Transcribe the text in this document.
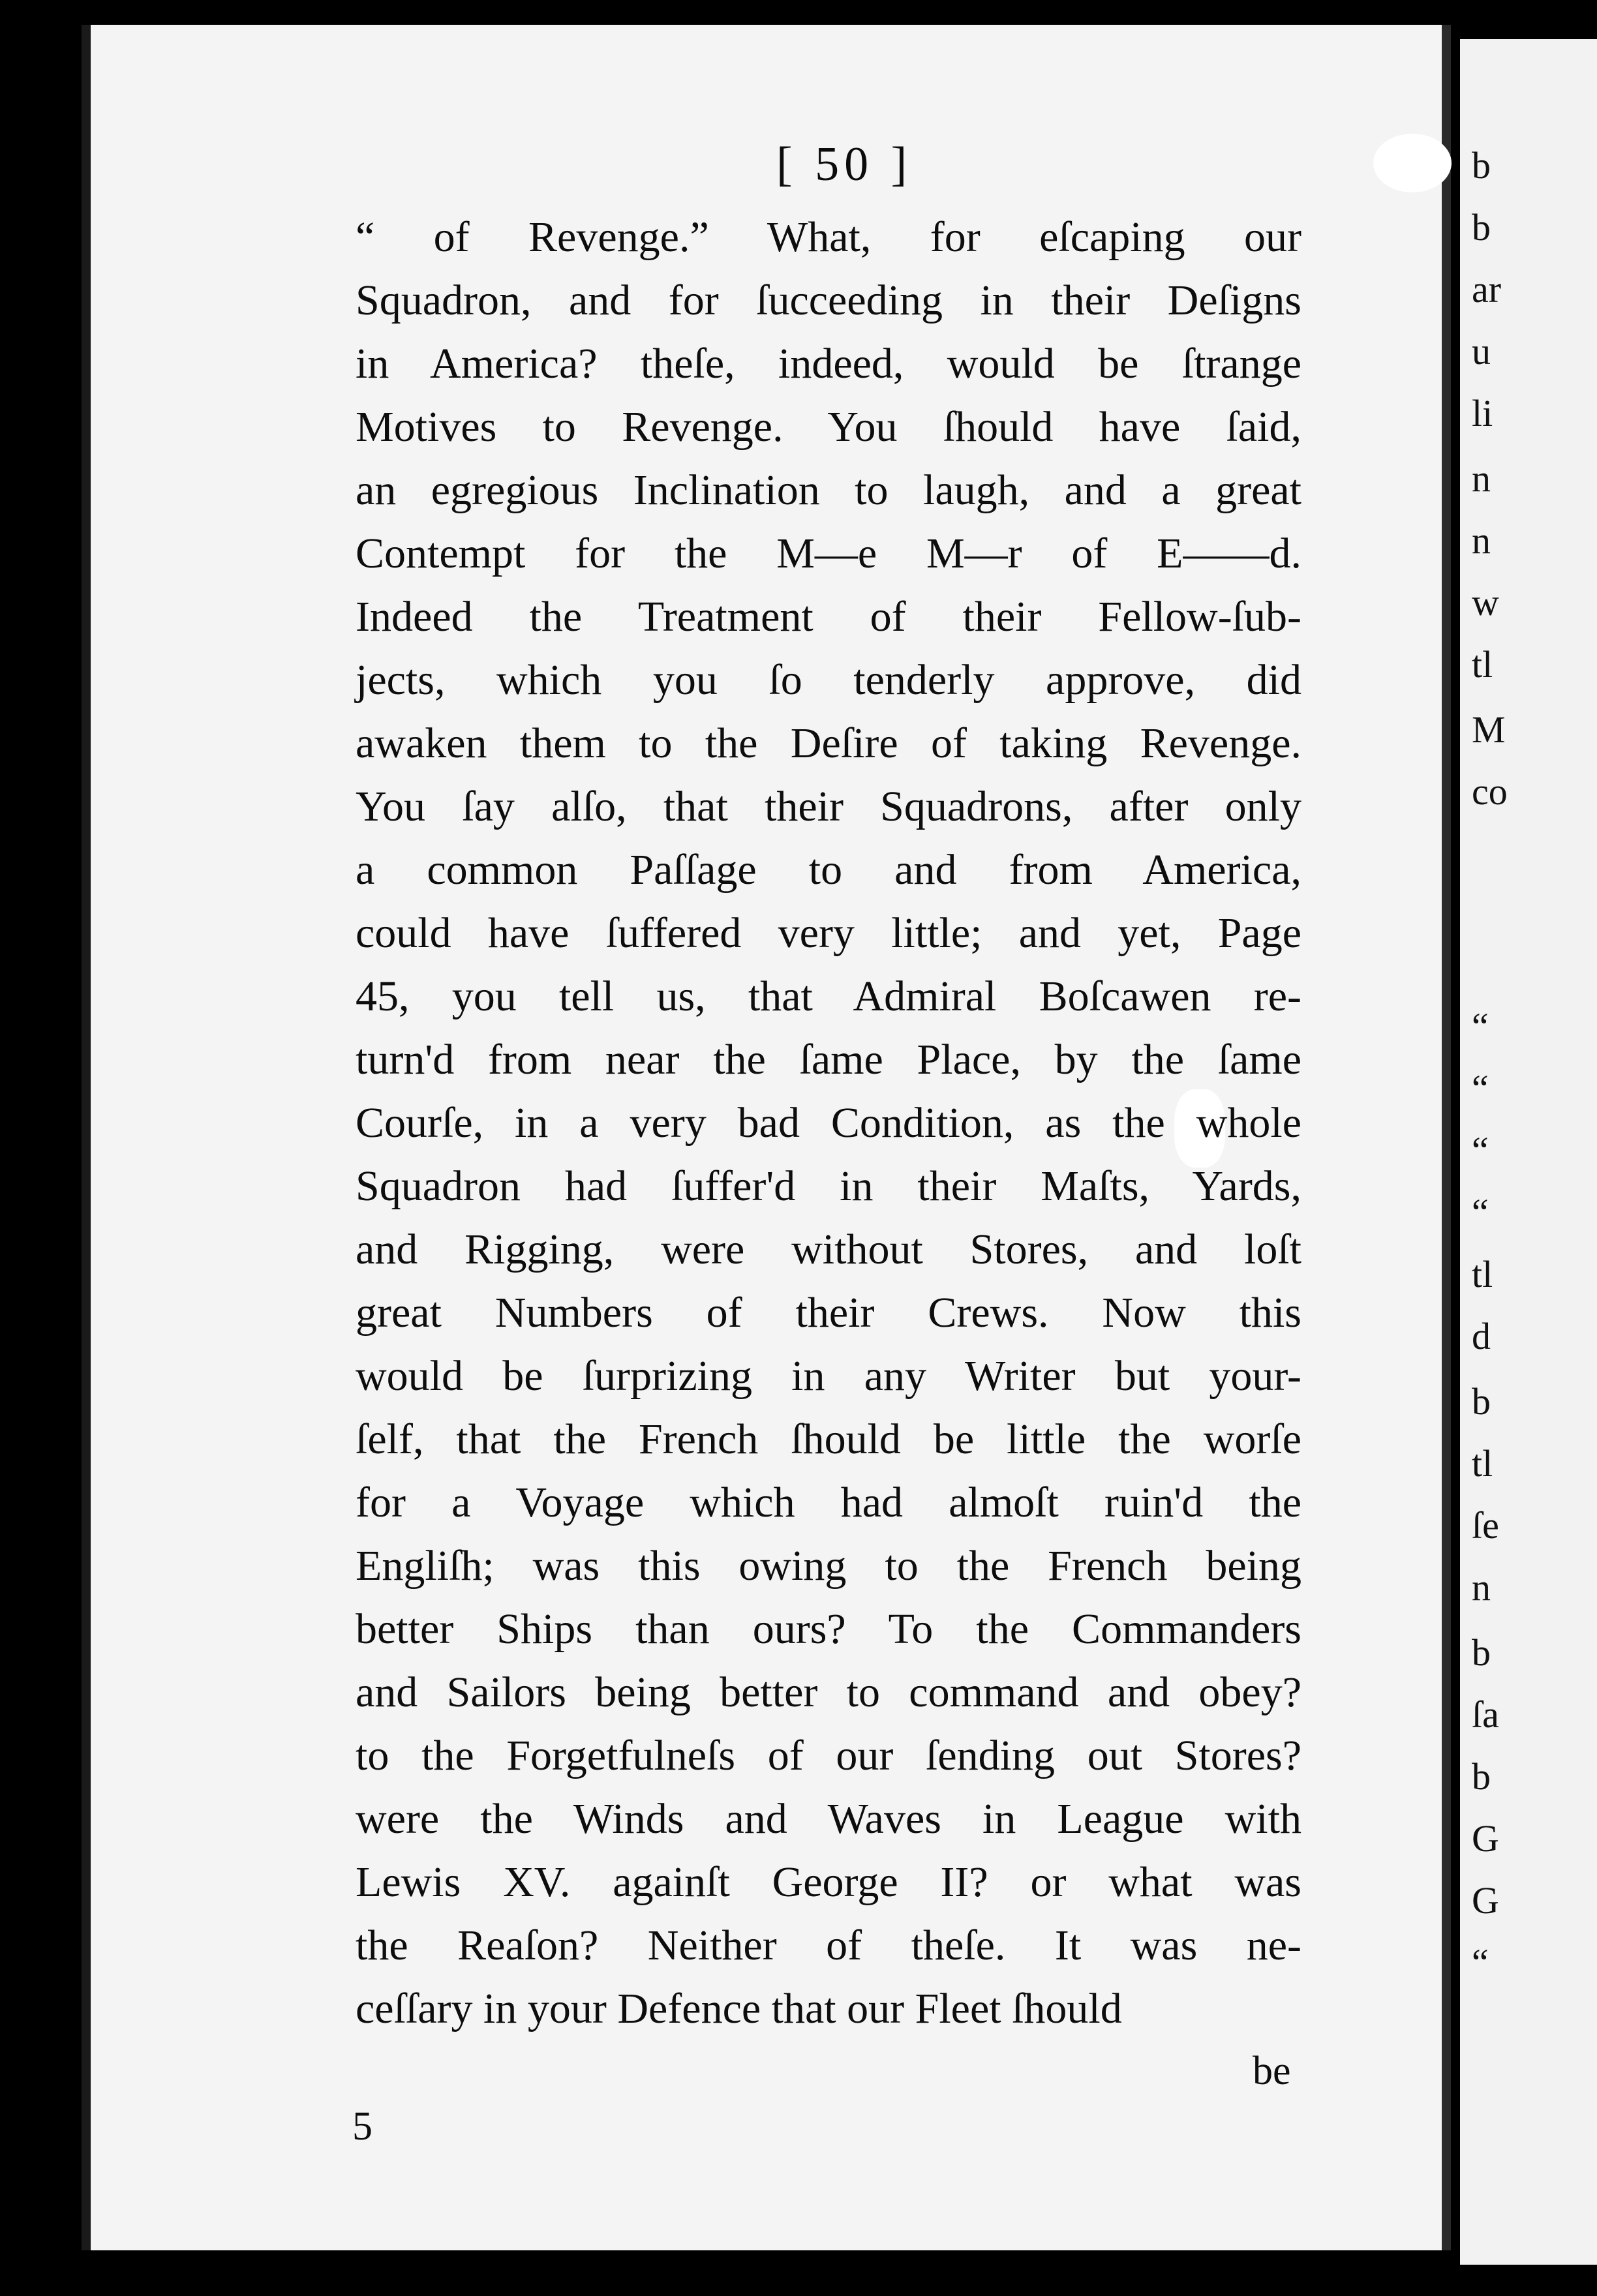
b
b
ar
u
li
n
n
w
tl
M
co
“
“
“
“
tl
d
b
tl
ſe
n
b
ſa
b
G
G
“
[ 50 ]
“ of Revenge.” What, for eſcaping our
Squadron, and for ſucceeding in their Deſigns
in America? theſe, indeed, would be ſtrange
Motives to Revenge. You ſhould have ſaid,
an egregious Inclination to laugh, and a great
Contempt for the M—e M—r of E——d.
Indeed the Treatment of their Fellow-ſub-
jects, which you ſo tenderly approve, did
awaken them to the Deſire of taking Revenge.
You ſay alſo, that their Squadrons, after only
a common Paſſage to and from America,
could have ſuffered very little; and yet, Page
45, you tell us, that Admiral Boſcawen re-
turn'd from near the ſame Place, by the ſame
Courſe, in a very bad Condition, as the whole
Squadron had ſuffer'd in their Maſts, Yards,
and Rigging, were without Stores, and loſt
great Numbers of their Crews. Now this
would be ſurprizing in any Writer but your-
ſelf, that the French ſhould be little the worſe
for a Voyage which had almoſt ruin'd the
Engliſh; was this owing to the French being
better Ships than ours? To the Commanders
and Sailors being better to command and obey?
to the Forgetfulneſs of our ſending out Stores?
were the Winds and Waves in League with
Lewis XV. againſt George II? or what was
the Reaſon? Neither of theſe. It was ne-
ceſſary in your Defence that our Fleet ſhould
be
5
